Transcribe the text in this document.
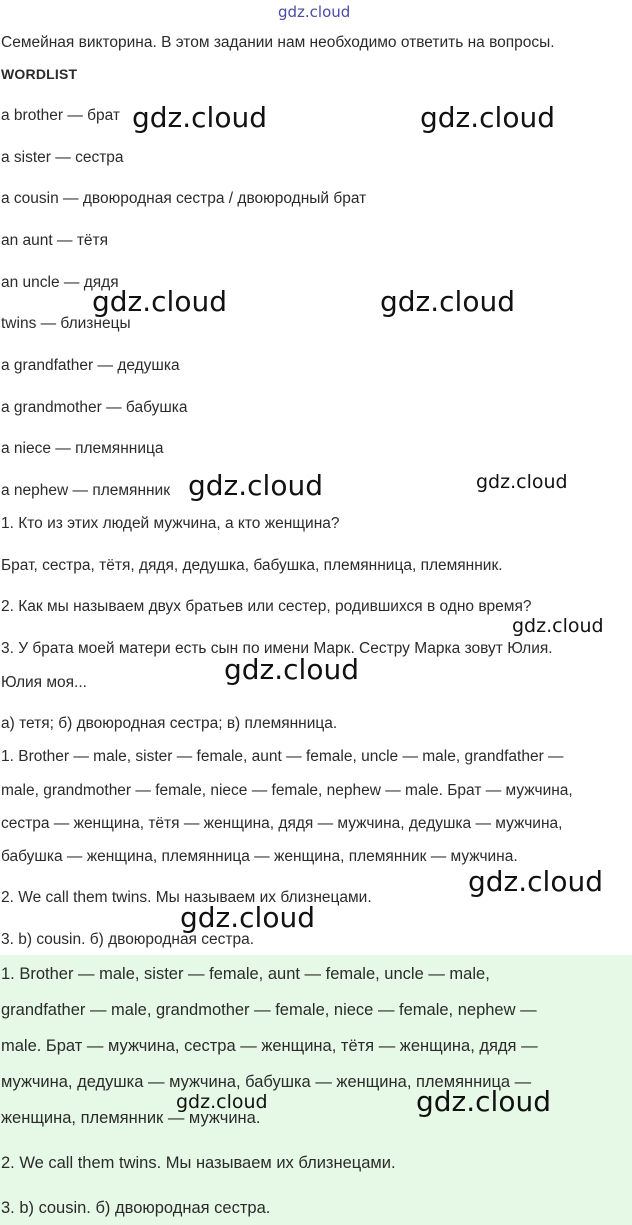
gdz.cloud

Семейная викторина. В этом задании нам необходимо ответить на вопросы.

WORDLIST

a brother — брат

a sister — сестра

a cousin — двоюродная сестра / двоюродный брат

an aunt — тётя

an uncle — дядя

twins — близнецы

a grandfather — дедушка

a grandmother — бабушка

a niece — племянница

a nephew — племянник

1. Кто из этих людей мужчина, а кто женщина?

Брат, сестра, тётя, дядя, дедушка, бабушка, племянница, племянник.

2. Как мы называем двух братьев или сестер, родившихся в одно время?

3. У брата моей матери есть сын по имени Марк. Сестру Марка зовут Юлия.

Юлия моя...

а) тетя; б) двоюродная сестра; в) племянница.

1. Brother — male, sister — female, aunt — female, uncle — male, grandfather —

male, grandmother — female, niece — female, nephew — male. Брат — мужчина,

сестра — женщина, тётя — женщина, дядя — мужчина, дедушка — мужчина,

бабушка — женщина, племянница — женщина, племянник — мужчина.

2. We call them twins. Мы называем их близнецами.

3. b) cousin. б) двоюродная сестра.

1. Brother — male, sister — female, aunt — female, uncle — male,

grandfather — male, grandmother — female, niece — female, nephew —

male. Брат — мужчина, сестра — женщина, тётя — женщина, дядя —

мужчина, дедушка — мужчина, бабушка — женщина, племянница —

женщина, племянник — мужчина.

2. We call them twins. Мы называем их близнецами.

3. b) cousin. б) двоюродная сестра.

gdz.cloud	gdz.cloud
gdz.cloud	gdz.cloud
gdz.cloud	gdz.cloud
gdz.cloud
gdz.cloud
gdz.cloud
gdz.cloud
gdz.cloud	gdz.cloud
